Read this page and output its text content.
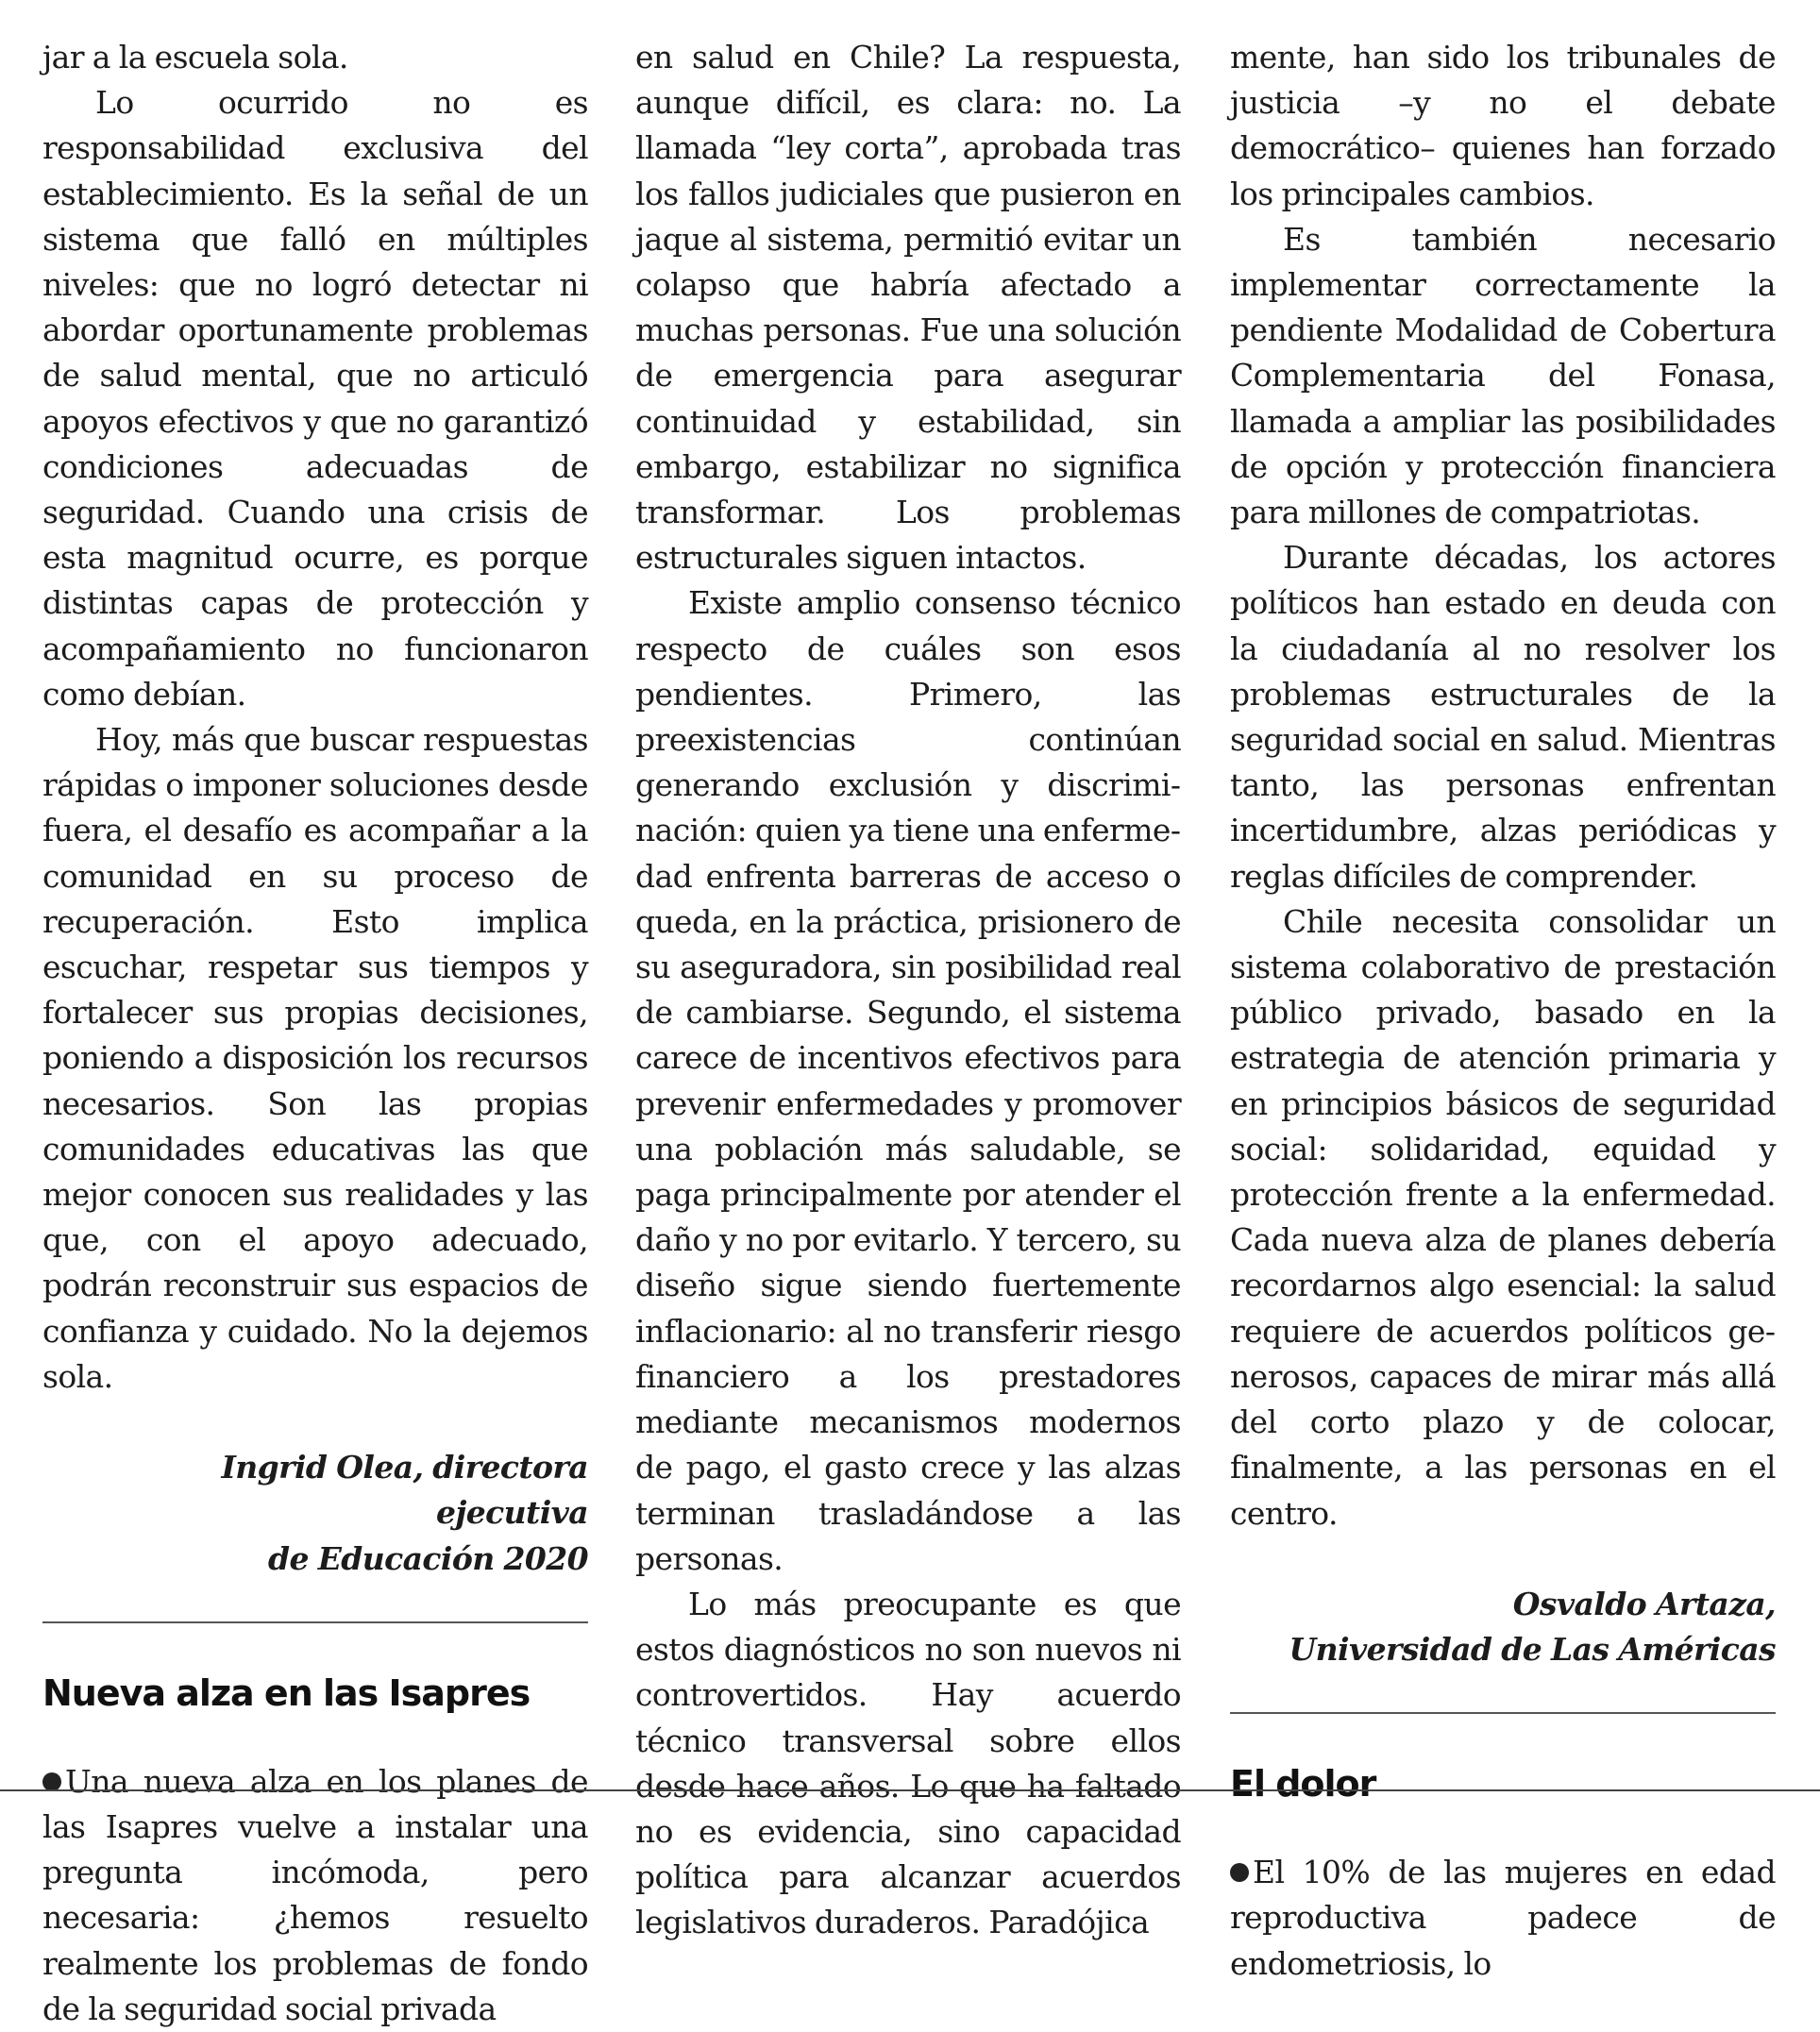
jar a la escuela sola.

Lo ocurrido no es responsabilidad exclusiva del establecimiento. Es la señal de un sistema que falló en múltiples niveles: que no logró detectar ni abordar oportunamente problemas de salud mental, que no articuló apoyos efectivos y que no garantizó condiciones adecuadas de seguridad. Cuando una crisis de esta magnitud ocurre, es porque distintas capas de protección y acompañamiento no funcionaron como debían.

Hoy, más que buscar respuestas rápidas o imponer soluciones desde fuera, el desafío es acompañar a la comunidad en su proceso de recuperación. Esto implica escuchar, respetar sus tiempos y fortalecer sus propias decisiones, poniendo a disposición los recursos necesarios. Son las propias comunidades educativas las que mejor conocen sus realidades y las que, con el apoyo adecuado, podrán reconstruir sus espacios de confianza y cuidado. No la dejemos sola.

Ingrid Olea, directora ejecutiva
de Educación 2020

Nueva alza en las Isapres

Una nueva alza en los planes de las Isapres vuelve a instalar una pregunta incómoda, pero necesaria: ¿hemos resuelto realmente los problemas de fondo de la seguridad social privada

en salud en Chile? La respuesta, aunque difícil, es clara: no. La llamada “ley corta”, aprobada tras los fallos judiciales que pusieron en jaque al sistema, permitió evitar un colapso que habría afectado a muchas personas. Fue una solución de emergencia para asegurar continuidad y estabilidad, sin embargo, estabilizar no significa transformar. Los problemas estructurales siguen intactos.

Existe amplio consenso técnico respecto de cuáles son esos pendientes. Primero, las preexistencias continúan generando exclusión y discriminación: quien ya tiene una enfermedad enfrenta barreras de acceso o queda, en la práctica, prisionero de su aseguradora, sin posibilidad real de cambiarse. Segundo, el sistema carece de incentivos efectivos para prevenir enfermedades y promover una población más saludable, se paga principalmente por atender el daño y no por evitarlo. Y tercero, su diseño sigue siendo fuertemente inflacionario: al no transferir riesgo financiero a los prestadores mediante mecanismos modernos de pago, el gasto crece y las alzas terminan trasladándose a las personas.

Lo más preocupante es que estos diagnósticos no son nuevos ni controvertidos. Hay acuerdo técnico transversal sobre ellos desde hace años. Lo que ha faltado no es evidencia, sino capacidad política para alcanzar acuerdos legislativos duraderos. Paradójica

mente, han sido los tribunales de justicia –y no el debate democrático– quienes han forzado los principales cambios.

Es también necesario implementar correctamente la pendiente Modalidad de Cobertura Complementaria del Fonasa, llamada a ampliar las posibilidades de opción y protección financiera para millones de compatriotas.

Durante décadas, los actores políticos han estado en deuda con la ciudadanía al no resolver los problemas estructurales de la seguridad social en salud. Mientras tanto, las personas enfrentan incertidumbre, alzas periódicas y reglas difíciles de comprender.

Chile necesita consolidar un sistema colaborativo de prestación público privado, basado en la estrategia de atención primaria y en principios básicos de seguridad social: solidaridad, equidad y protección frente a la enfermedad. Cada nueva alza de planes debería recordarnos algo esencial: la salud requiere de acuerdos políticos generosos, capaces de mirar más allá del corto plazo y de colocar, finalmente, a las personas en el centro.

Osvaldo Artaza,
Universidad de Las Américas

El dolor

El 10% de las mujeres en edad reproductiva padece de endometriosis, lo
